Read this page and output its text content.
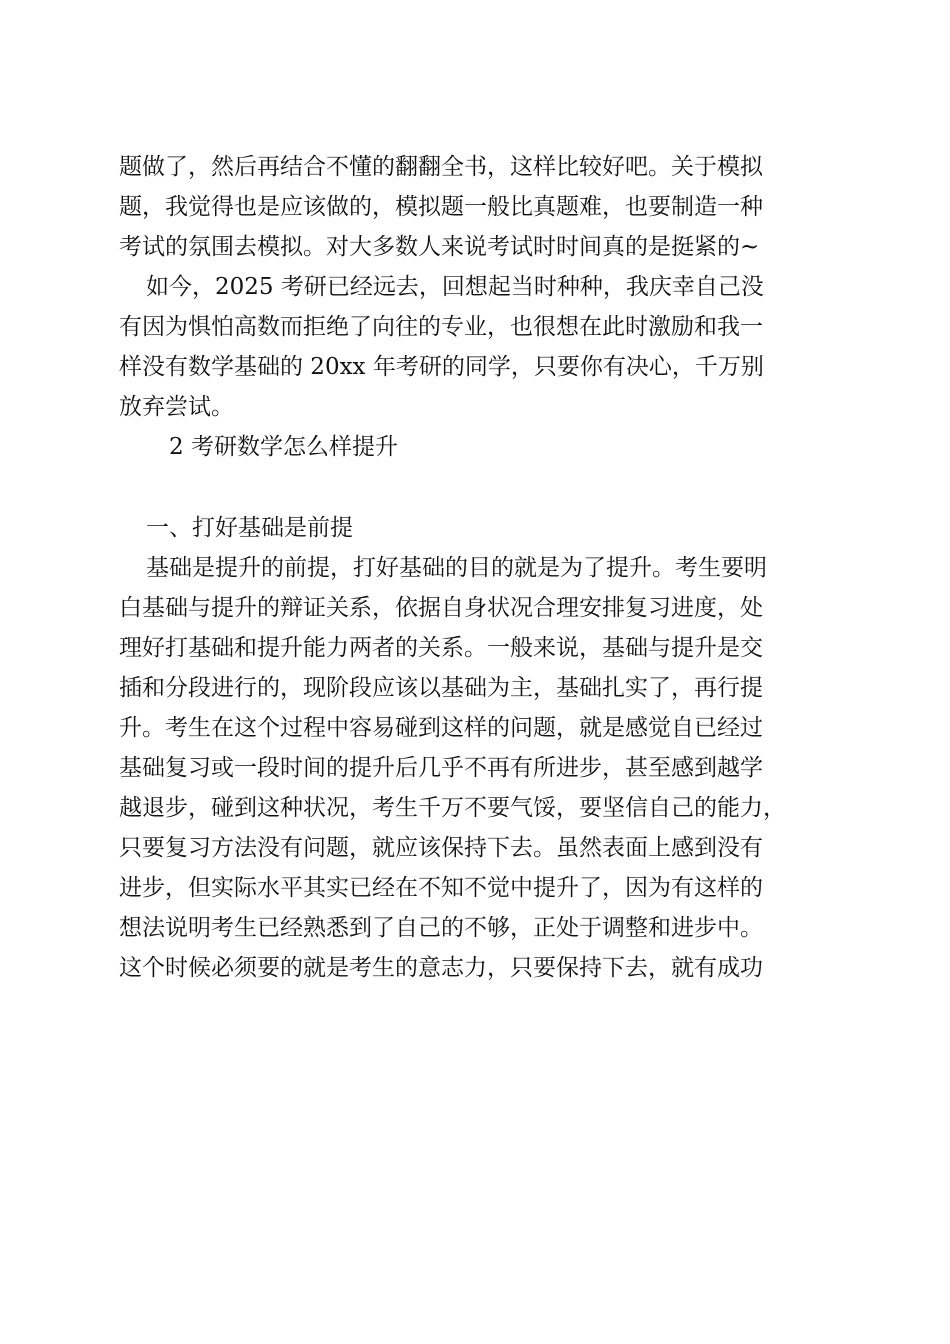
题做了，然后再结合不懂的翻翻全书，这样比较好吧。关于模拟
题，我觉得也是应该做的，模拟题一般比真题难，也要制造一种
考试的氛围去模拟。对大多数人来说考试时时间真的是挺紧的~
如今，2025 考研已经远去，回想起当时种种，我庆幸自己没
有因为惧怕高数而拒绝了向往的专业，也很想在此时激励和我一
样没有数学基础的 20xx 年考研的同学，只要你有决心，千万别
放弃尝试。
2 考研数学怎么样提升
一、打好基础是前提
基础是提升的前提，打好基础的目的就是为了提升。考生要明
白基础与提升的辩证关系，依据自身状况合理安排复习进度，处
理好打基础和提升能力两者的关系。一般来说，基础与提升是交
插和分段进行的，现阶段应该以基础为主，基础扎实了，再行提
升。考生在这个过程中容易碰到这样的问题，就是感觉自已经过
基础复习或一段时间的提升后几乎不再有所进步，甚至感到越学
越退步，碰到这种状况，考生千万不要气馁，要坚信自己的能力，
只要复习方法没有问题，就应该保持下去。虽然表面上感到没有
进步，但实际水平其实已经在不知不觉中提升了，因为有这样的
想法说明考生已经熟悉到了自己的不够，正处于调整和进步中。
这个时候必须要的就是考生的意志力，只要保持下去，就有成功
